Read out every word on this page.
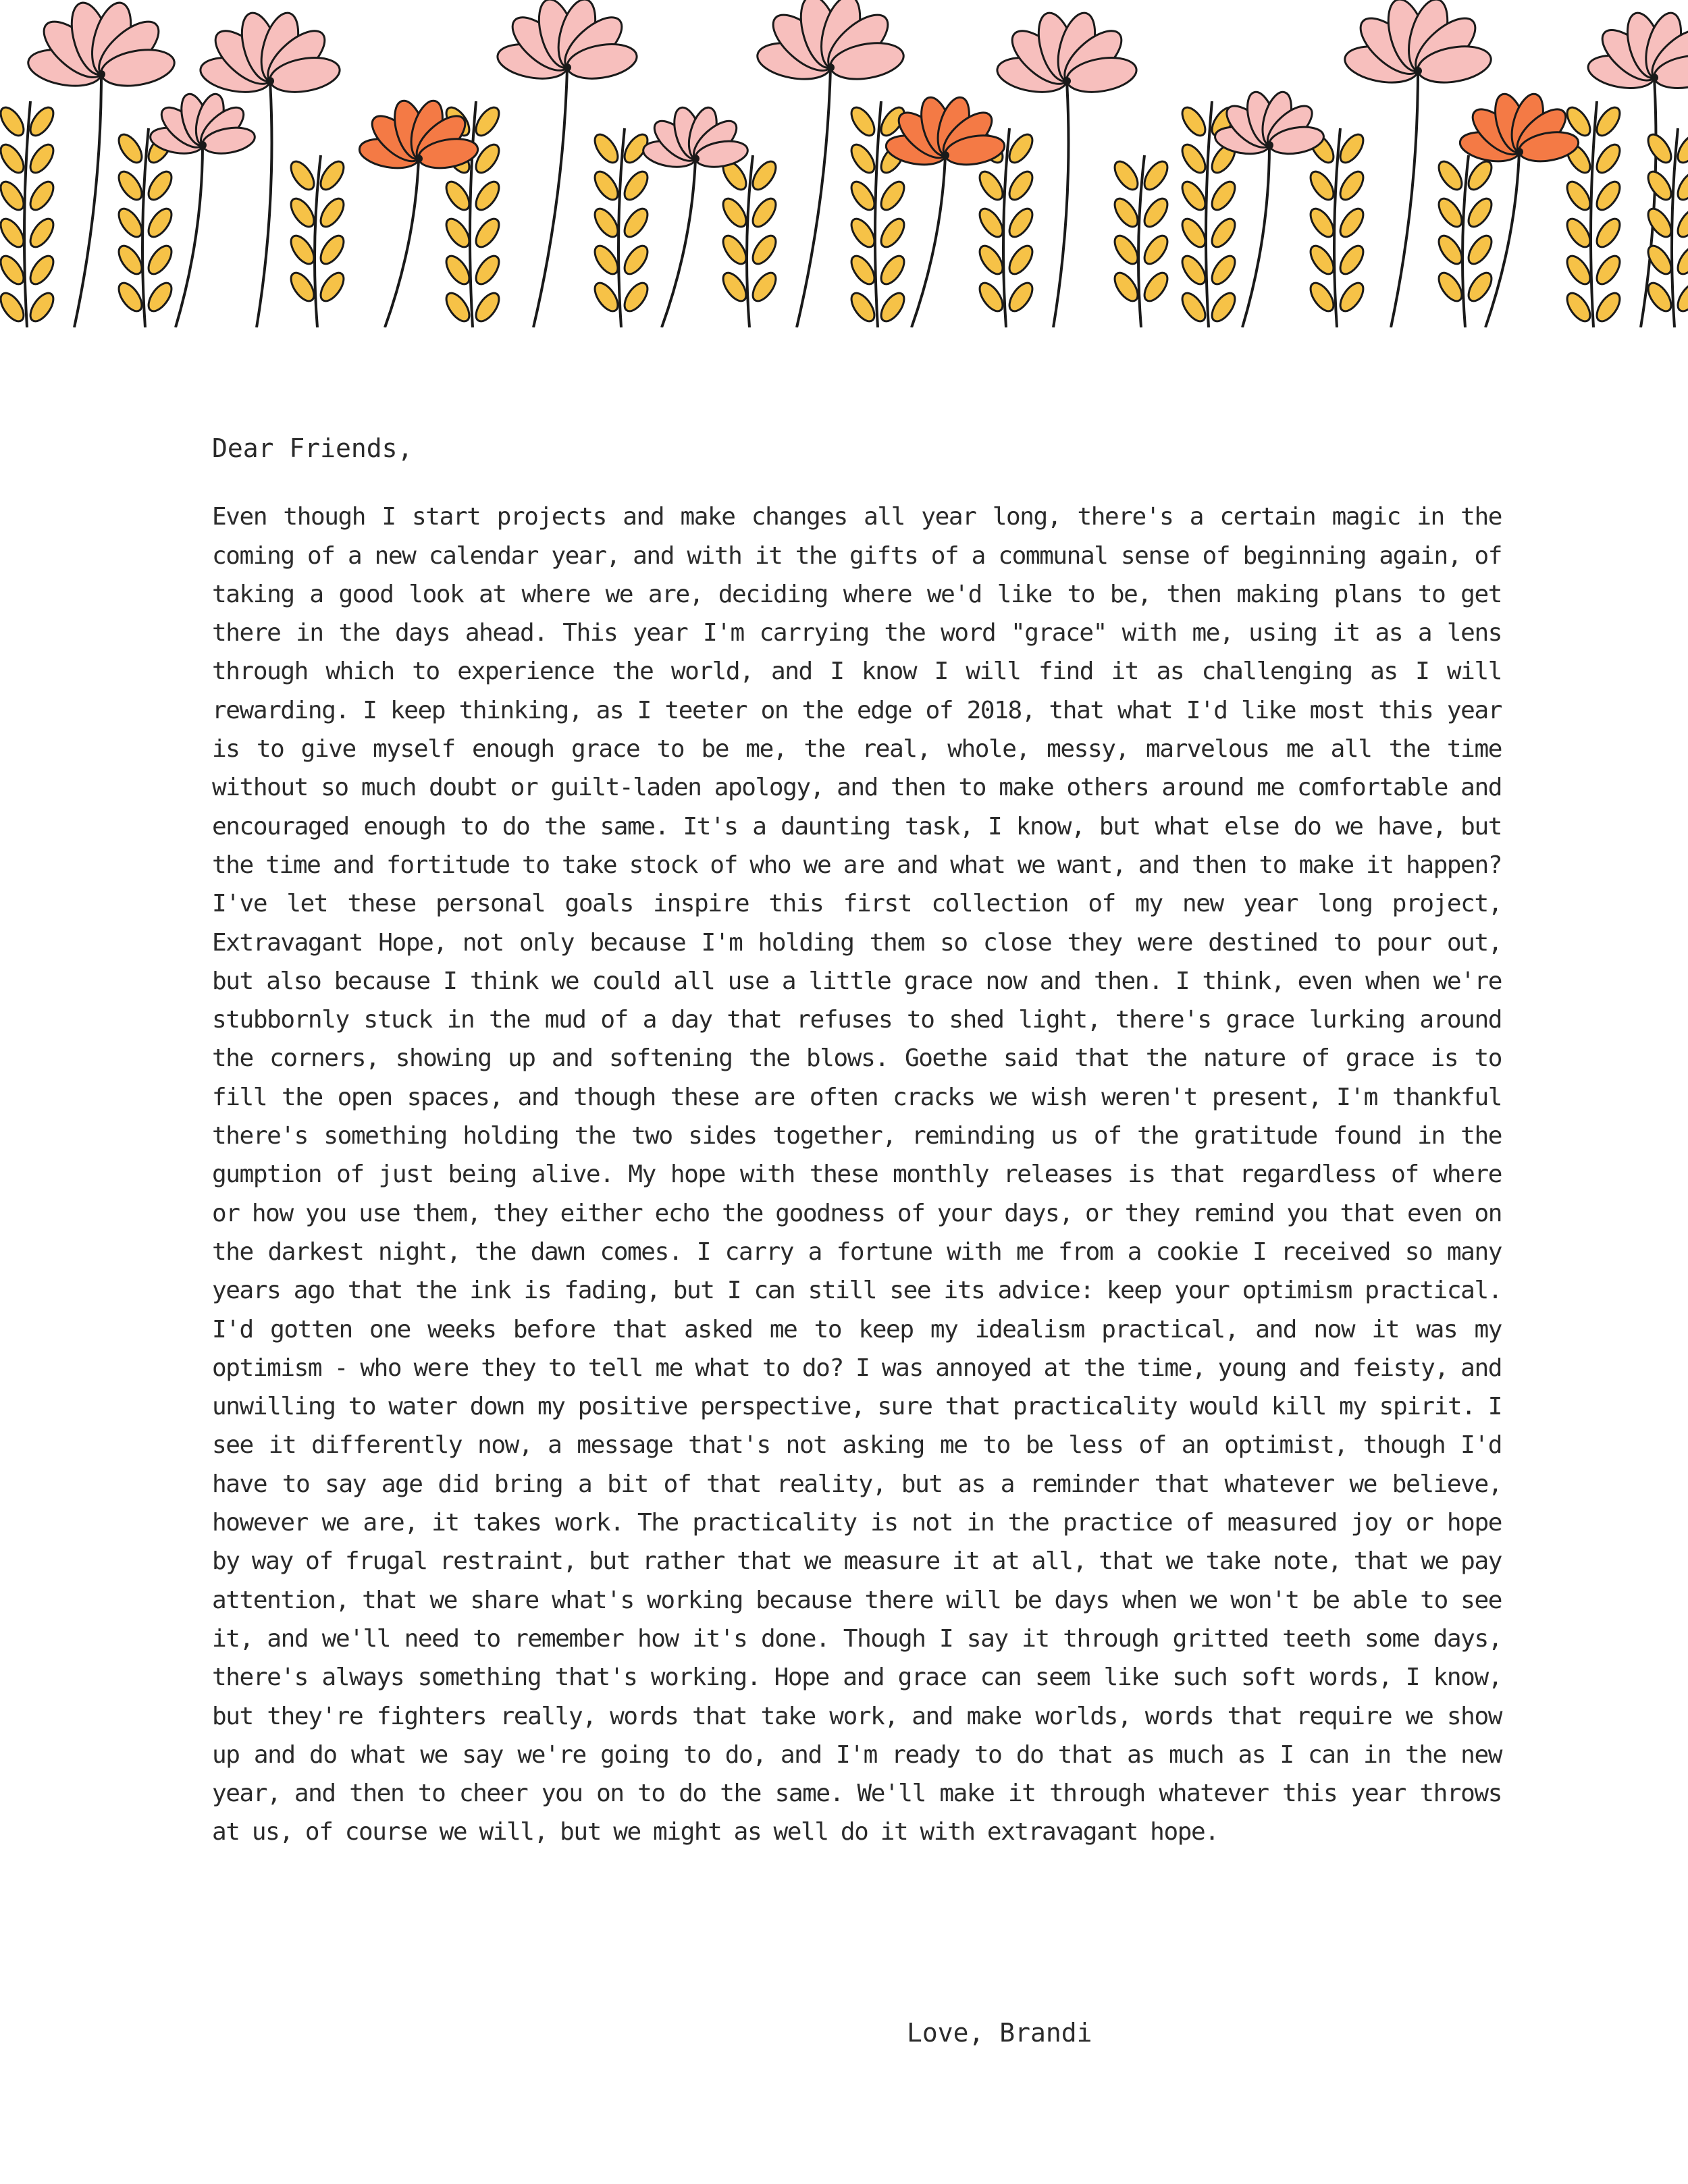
Dear Friends,

Even though I start projects and make changes all year long, there's a certain magic in the coming of a new calendar year, and with it the gifts of a communal sense of beginning again, of taking a good look at where we are, deciding where we'd like to be, then making plans to get there in the days ahead. This year I'm carrying the word "grace" with me, using it as a lens through which to experience the world, and I know I will find it as challenging as I will rewarding. I keep thinking, as I teeter on the edge of 2018, that what I'd like most this year is to give myself enough grace to be me, the real, whole, messy, marvelous me all the time without so much doubt or guilt-laden apology, and then to make others around me comfortable and encouraged enough to do the same. It's a daunting task, I know, but what else do we have, but the time and fortitude to take stock of who we are and what we want, and then to make it happen? I've let these personal goals inspire this first collection of my new year long project, Extravagant Hope, not only because I'm holding them so close they were destined to pour out, but also because I think we could all use a little grace now and then. I think, even when we're stubbornly stuck in the mud of a day that refuses to shed light, there's grace lurking around the corners, showing up and softening the blows. Goethe said that the nature of grace is to fill the open spaces, and though these are often cracks we wish weren't present, I'm thankful there's something holding the two sides together, reminding us of the gratitude found in the gumption of just being alive. My hope with these monthly releases is that regardless of where or how you use them, they either echo the goodness of your days, or they remind you that even on the darkest night, the dawn comes. I carry a fortune with me from a cookie I received so many years ago that the ink is fading, but I can still see its advice: keep your optimism practical. I'd gotten one weeks before that asked me to keep my idealism practical, and now it was my optimism - who were they to tell me what to do? I was annoyed at the time, young and feisty, and unwilling to water down my positive perspective, sure that practicality would kill my spirit. I see it differently now, a message that's not asking me to be less of an optimist, though I'd have to say age did bring a bit of that reality, but as a reminder that whatever we believe, however we are, it takes work. The practicality is not in the practice of measured joy or hope by way of frugal restraint, but rather that we measure it at all, that we take note, that we pay attention, that we share what's working because there will be days when we won't be able to see it, and we'll need to remember how it's done. Though I say it through gritted teeth some days, there's always something that's working. Hope and grace can seem like such soft words, I know, but they're fighters really, words that take work, and make worlds, words that require we show up and do what we say we're going to do, and I'm ready to do that as much as I can in the new year, and then to cheer you on to do the same. We'll make it through whatever this year throws at us, of course we will, but we might as well do it with extravagant hope.

Love, Brandi
